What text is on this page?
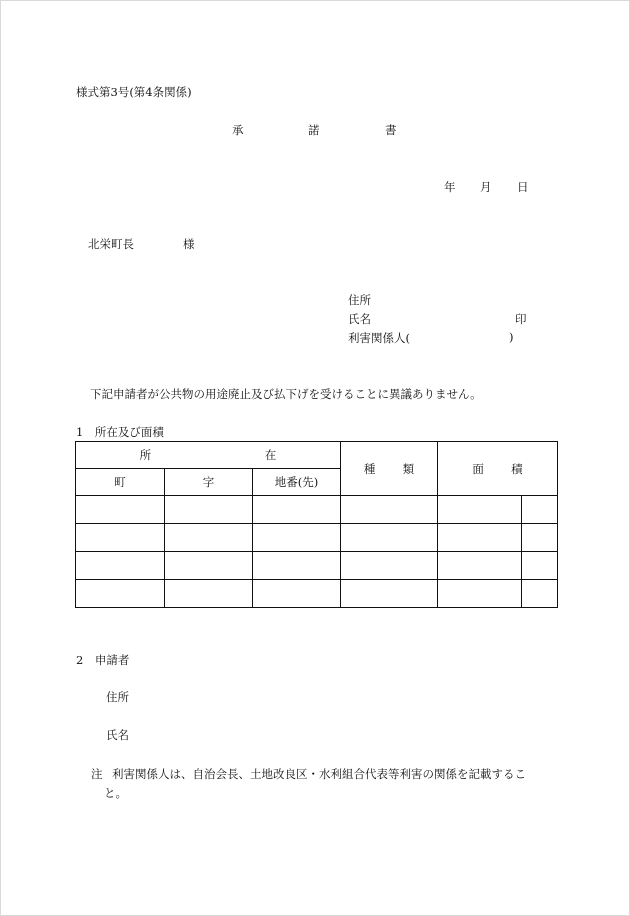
様式第3号(第4条関係)
承	諾	書
年 月 日
北栄町長	様
住所
氏名	印
利害関係人(	)
下記申請者が公共物の用途廃止及び払下げを受けることに異議ありません。
1　所在及び面積
所 在			種 類	面 積	
町	字	地番(先)			

2　申請者
住所
氏名
注 利害関係人は、自治会長、土地改良区・水利組合代表等利害の関係を記載するこ
と。
